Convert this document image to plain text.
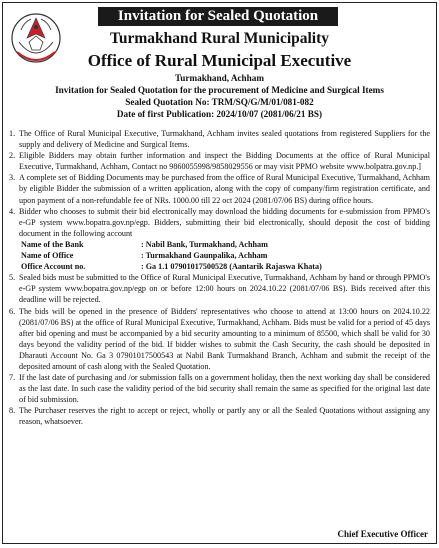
Invitation for Sealed Quotation
Turmakhand Rural Municipality
Office of Rural Municipal Executive
Turmakhand, Achham
Invitation for Sealed Quotation for the procurement of Medicine and Surgical Items
Sealed Quotation No: TRM/SQ/G/M/01/081-082
Date of first Publication: 2024/10/07 (2081/06/21 BS)
1. The Office of Rural Municipal Executive, Turmakhand, Achham invites sealed quotations from registered Suppliers for the supply and delivery of Medicine and Surgical Items.
2. Eligible Bidders may obtain further information and inspect the Bidding Documents at the office of Rural Municipal Executive, Turmakhand, Achham, Contact no 9860055998/9858029556 or may visit PPMO website www.bolpatra.gov.np.]
3. A complete set of Bidding Documents may be purchased from the office of Rural Municipal Executive, Turmakhand, Achham by eligible Bidder the submission of a written application, along with the copy of company/firm registration certificate, and upon payment of a non-refundable fee of NRs. 1000.00 till 22 oct 2024 (2081/07/06 BS) during office hours.
4. Bidder who chooses to submit their bid electronically may download the bidding documents for e-submission from PPMO's e-GP system www.bopatra.gov.np/egp. Bidders, submitting their bid electronically, should deposit the cost of bidding document in the following account
Name of the Bank	: Nabil Bank, Turmakhand, Achham
Name of Office	: Turmakhand Gaunpalika, Achham
Office Account no.	: Ga 1.1 07901017500528 (Aantarik Rajaswa Khata)
5. Sealed bids must be submitted to the Office of Rural Municipal Executive, Turmakhand, Achham by hand or through PPMO's e-GP system www.bopatra.gov.np/egp on or before 12:00 hours on 2024.10.22 (2081/07/06 BS). Bids received after this deadline will be rejected.
6. The bids will be opened in the presence of Bidders' representatives who choose to attend at 13:00 hours on 2024.10.22 (2081/07/06 BS) at the office of Rural Municipal Executive, Turmakhand, Achham. Bids must be valid for a period of 45 days after bid opening and must be accompanied by a bid security amounting to a minimum of 85500, which shall be valid for 30 days beyond the validity period of the bid. If bidder wishes to submit the Cash Security, the cash should be deposited in Dharauti Account No. Ga 3 07901017500543 at Nabil Bank Turmakhand Branch, Achham and submit the receipt of the deposited amount of cash along with the Sealed Quotation.
7. If the last date of purchasing and /or submission falls on a government holiday, then the next working day shall be considered as the last date. In such case the validity period of the bid security shall remain the same as specified for the original last date of bid submission.
8. The Purchaser reserves the right to accept or reject, wholly or partly any or all the Sealed Quotations without assigning any reason, whatsoever.
Chief Executive Officer
